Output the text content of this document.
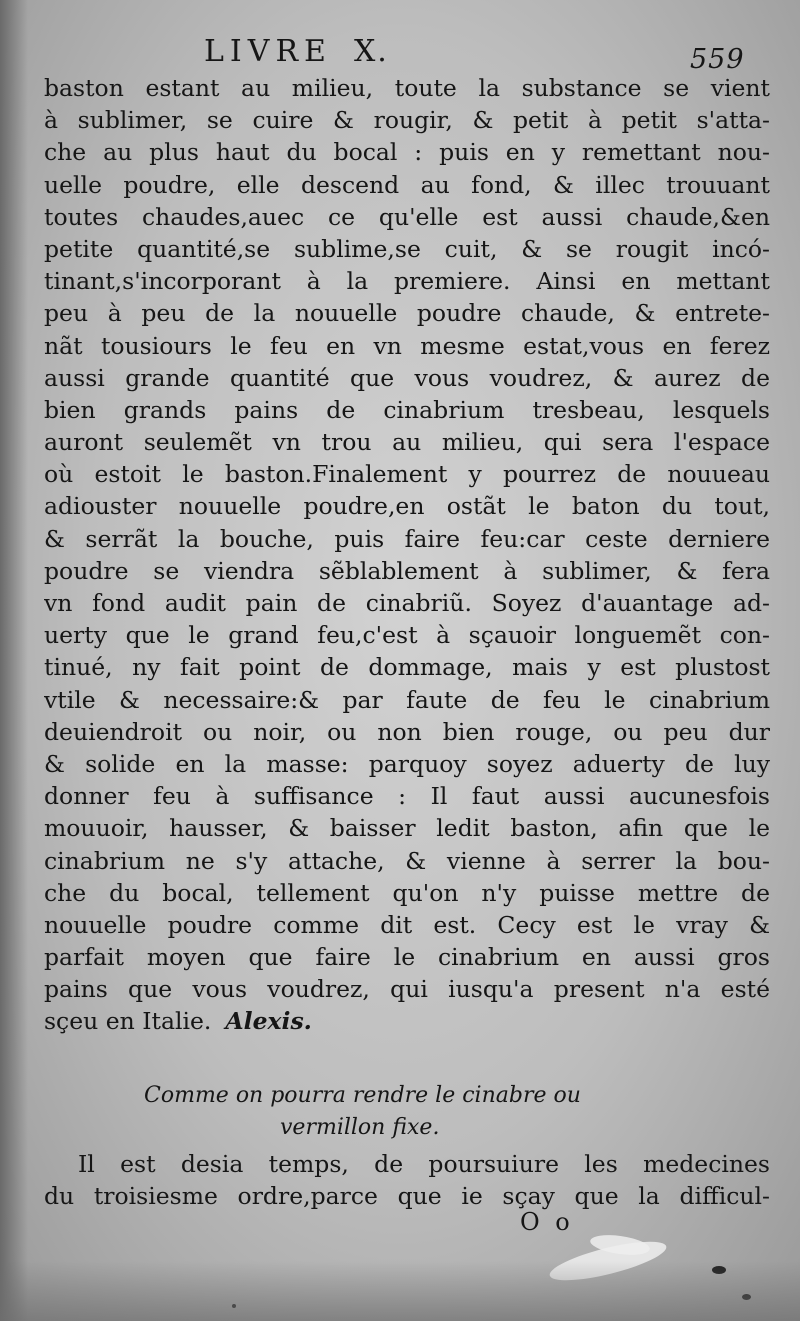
LIVRE X.	559
baston estant au milieu, toute la substance se vient
à sublimer, se cuire & rougir, & petit à petit s'atta-
che au plus haut du bocal : puis en y remettant nou-
uelle poudre, elle descend au fond, & illec trouuant
toutes chaudes,auec ce qu'elle est aussi chaude,&en
petite quantité,se sublime,se cuit, & se rougit incó-
tinant,s'incorporant à la premiere. Ainsi en mettant
peu à peu de la nouuelle poudre chaude, & entrete-
nãt tousiours le feu en vn mesme estat,vous en ferez
aussi grande quantité que vous voudrez, & aurez de
bien grands pains de cinabrium tresbeau, lesquels
auront seulemẽt vn trou au milieu, qui sera l'espace
où estoit le baston.Finalement y pourrez de nouueau
adiouster nouuelle poudre,en ostãt le baton du tout,
& serrãt la bouche, puis faire feu:car ceste derniere
poudre se viendra sẽblablement à sublimer, & fera
vn fond audit pain de cinabriũ. Soyez d'auantage ad-
uerty que le grand feu,c'est à sçauoir longuemẽt con-
tinué, ny fait point de dommage, mais y est plustost
vtile & necessaire:& par faute de feu le cinabrium
deuiendroit ou noir, ou non bien rouge, ou peu dur
& solide en la masse: parquoy soyez aduerty de luy
donner feu à suffisance : Il faut aussi aucunesfois
mouuoir, hausser, & baisser ledit baston, afin que le
cinabrium ne s'y attache, & vienne à serrer la bou-
che du bocal, tellement qu'on n'y puisse mettre de
nouuelle poudre comme dit est. Cecy est le vray &
parfait moyen que faire le cinabrium en aussi gros
pains que vous voudrez, qui iusqu'a present n'a esté
sçeu en Italie. Alexis.
Comme on pourra rendre le cinabre ou
vermillon fixe.
Il est desia temps, de poursuiure les medecines
du troisiesme ordre,parce que ie sçay que la difficul-
O o
